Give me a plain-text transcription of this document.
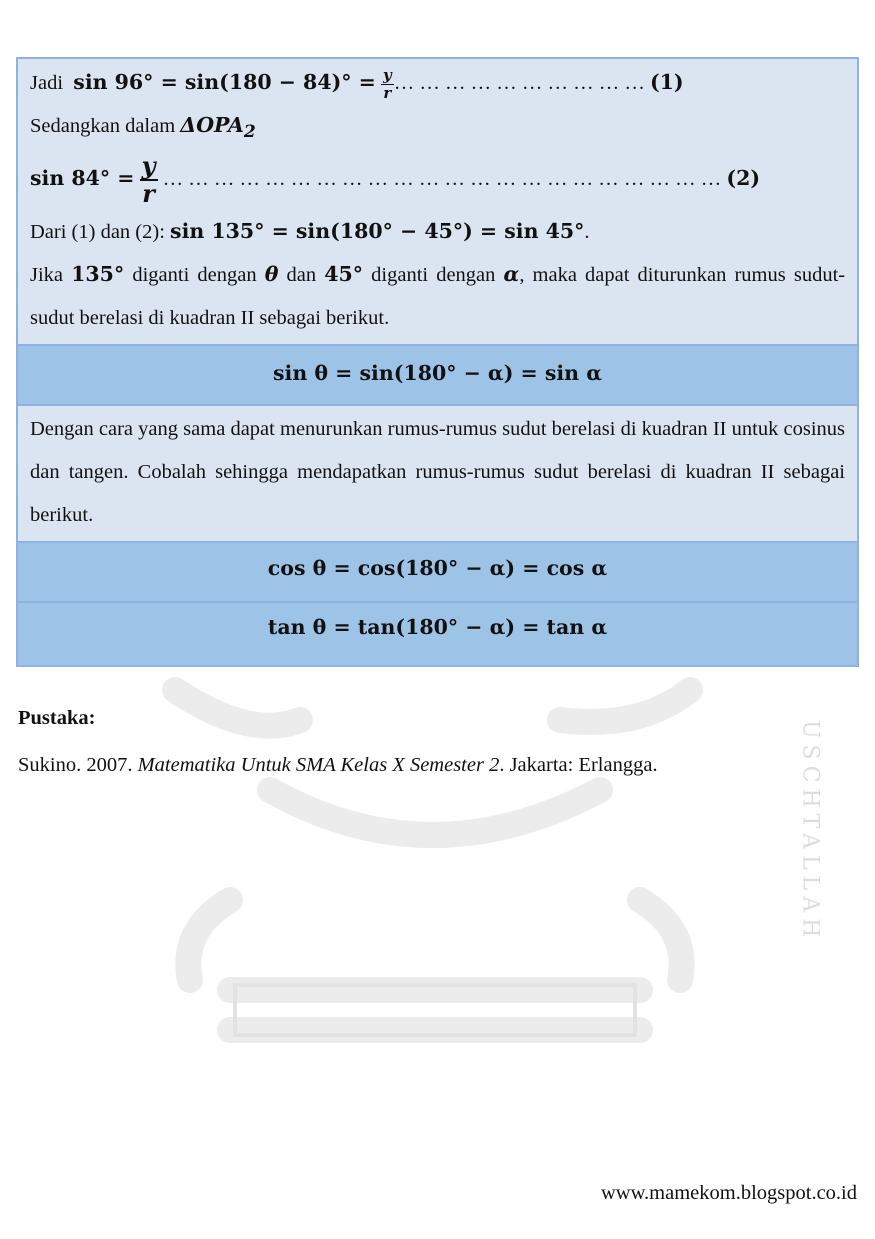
USCHTALLAH
Jadi $\sin 96^\circ = \sin(180 - 84)^\circ = \frac{y}{r}$ … … … … … … … … … … (1)
Sedangkan dalam $\Delta OPA_2$
$\sin 84^\circ = \frac{y}{r}$ … … … … … … … … … … … … … … … … … … … … … … (2)
Dari (1) dan (2): sin 135° = sin(180° − 45°) = sin 45°.
Jika 135° diganti dengan θ dan 45° diganti dengan α, maka dapat diturunkan rumus sudut-sudut berelasi di kuadran II sebagai berikut.
sin θ = sin(180° − α) = sin α
Dengan cara yang sama dapat menurunkan rumus-rumus sudut berelasi di kuadran II untuk cosinus dan tangen. Cobalah sehingga mendapatkan rumus-rumus sudut berelasi di kuadran II sebagai berikut.
cos θ = cos(180° − α) = cos α
tan θ = tan(180° − α) = tan α
Pustaka:
Sukino. 2007. Matematika Untuk SMA Kelas X Semester 2. Jakarta: Erlangga.
www.mamekom.blogspot.co.id
